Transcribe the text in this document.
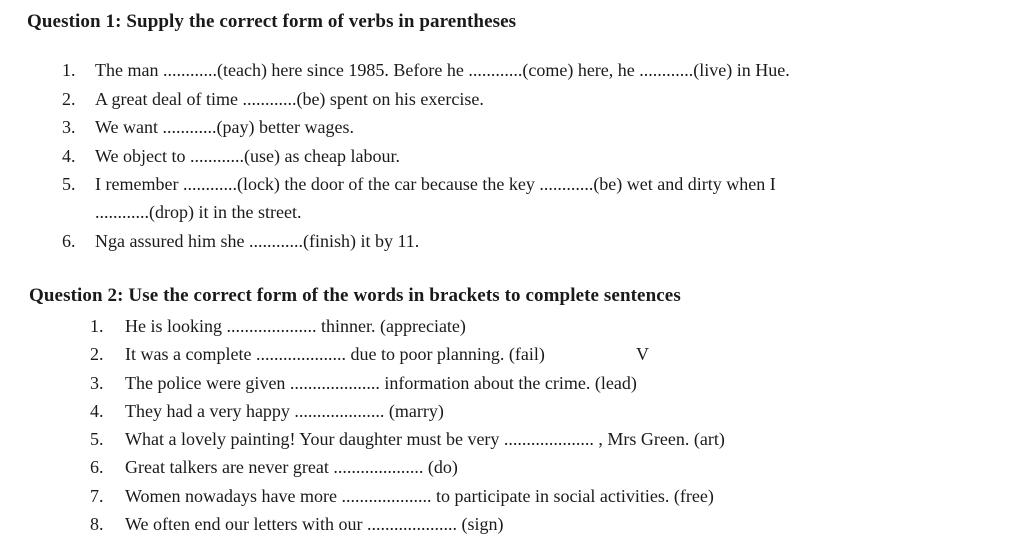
Question 1: Supply the correct form of verbs in parentheses
1. The man ............(teach) here since 1985. Before he ............(come) here, he ............(live) in Hue.
2. A great deal of time ............(be) spent on his exercise.
3. We want ............(pay) better wages.
4. We object to ............(use) as cheap labour.
5. I remember ............(lock) the door of the car because the key ............(be) wet and dirty when I
............(drop) it in the street.
6. Nga assured him she ............(finish) it by 11.
Question 2: Use the correct form of the words in brackets to complete sentences
1. He is looking .................... thinner. (appreciate)
2. It was a complete .................... due to poor planning. (fail)	V
3. The police were given .................... information about the crime. (lead)
4. They had a very happy .................... (marry)
5. What a lovely painting! Your daughter must be very .................... , Mrs Green. (art)
6. Great talkers are never great .................... (do)
7. Women nowadays have more .................... to participate in social activities. (free)
8. We often end our letters with our .................... (sign)
